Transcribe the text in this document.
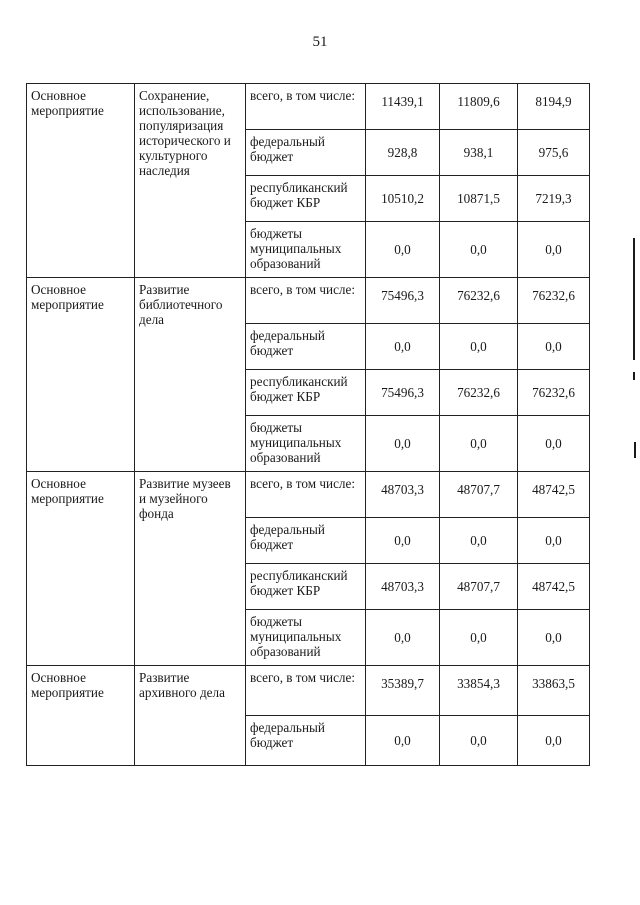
51
Основное мероприятие	Сохранение, использование, популяризация исторического и культурного наследия	всего, в том числе:	11439,1	11809,6	8194,9
		федеральный бюджет	928,8	938,1	975,6
		республиканский бюджет КБР	10510,2	10871,5	7219,3
		бюджеты муниципальных образований	0,0	0,0	0,0
Основное мероприятие	Развитие библиотечного дела	всего, в том числе:	75496,3	76232,6	76232,6
		федеральный бюджет	0,0	0,0	0,0
		республиканский бюджет КБР	75496,3	76232,6	76232,6
		бюджеты муниципальных образований	0,0	0,0	0,0
Основное мероприятие	Развитие музеев и музейного фонда	всего, в том числе:	48703,3	48707,7	48742,5
		федеральный бюджет	0,0	0,0	0,0
		республиканский бюджет КБР	48703,3	48707,7	48742,5
		бюджеты муниципальных образований	0,0	0,0	0,0
Основное мероприятие	Развитие архивного дела	всего, в том числе:	35389,7	33854,3	33863,5
		федеральный бюджет	0,0	0,0	0,0
